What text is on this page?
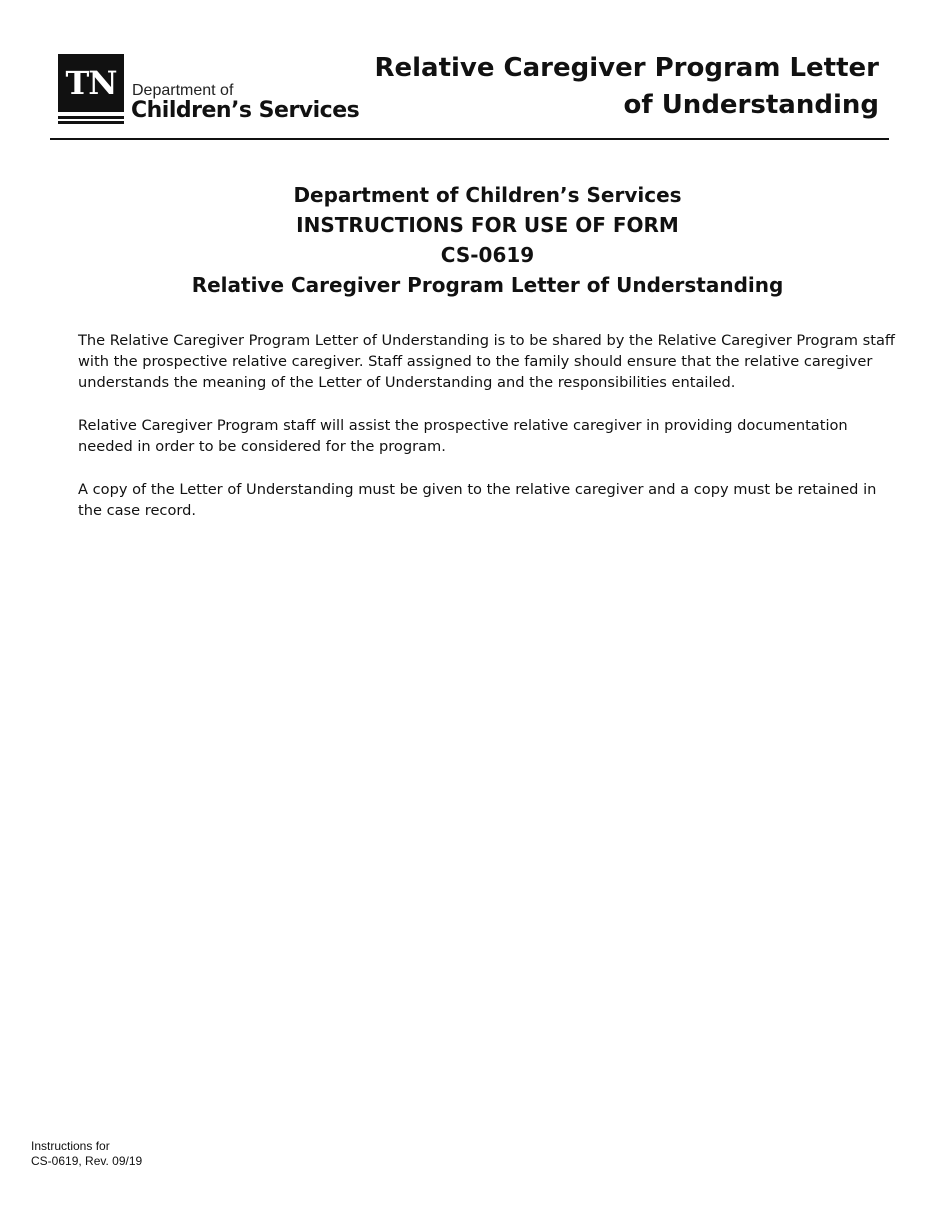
TN Department of
Children’s Services
Relative Caregiver Program Letter
of Understanding
Department of Children’s Services
INSTRUCTIONS FOR USE OF FORM
CS-0619
Relative Caregiver Program Letter of Understanding

The Relative Caregiver Program Letter of Understanding is to be shared by the Relative Caregiver Program staff with the prospective relative caregiver. Staff assigned to the family should ensure that the relative caregiver understands the meaning of the Letter of Understanding and the responsibilities entailed.

Relative Caregiver Program staff will assist the prospective relative caregiver in providing documentation needed in order to be considered for the program.

A copy of the Letter of Understanding must be given to the relative caregiver and a copy must be retained in the case record.

Instructions for
CS-0619, Rev. 09/19
